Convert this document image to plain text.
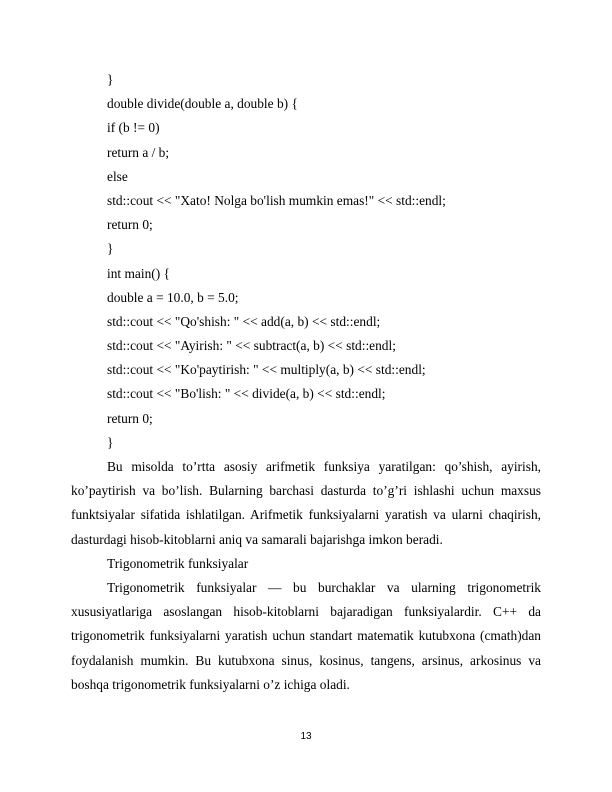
}
double divide(double a, double b) {
if (b != 0)
return a / b;
else
std::cout << "Xato! Nolga bo'lish mumkin emas!" << std::endl;
return 0;
}
int main() {
double a = 10.0, b = 5.0;
std::cout << "Qo'shish: " << add(a, b) << std::endl;
std::cout << "Ayirish: " << subtract(a, b) << std::endl;
std::cout << "Ko'paytirish: " << multiply(a, b) << std::endl;
std::cout << "Bo'lish: " << divide(a, b) << std::endl;
return 0;
}

Bu misolda to’rtta asosiy arifmetik funksiya yaratilgan: qo’shish, ayirish, ko’paytirish va bo’lish. Bularning barchasi dasturda to’g’ri ishlashi uchun maxsus funktsiyalar sifatida ishlatilgan. Arifmetik funksiyalarni yaratish va ularni chaqirish, dasturdagi hisob-kitoblarni aniq va samarali bajarishga imkon beradi.

Trigonometrik funksiyalar

Trigonometrik funksiyalar — bu burchaklar va ularning trigonometrik xususiyatlariga asoslangan hisob-kitoblarni bajaradigan funksiyalardir. C++ da trigonometrik funksiyalarni yaratish uchun standart matematik kutubxona (cmath)dan foydalanish mumkin. Bu kutubxona sinus, kosinus, tangens, arsinus, arkosinus va boshqa trigonometrik funksiyalarni o’z ichiga oladi.

13
